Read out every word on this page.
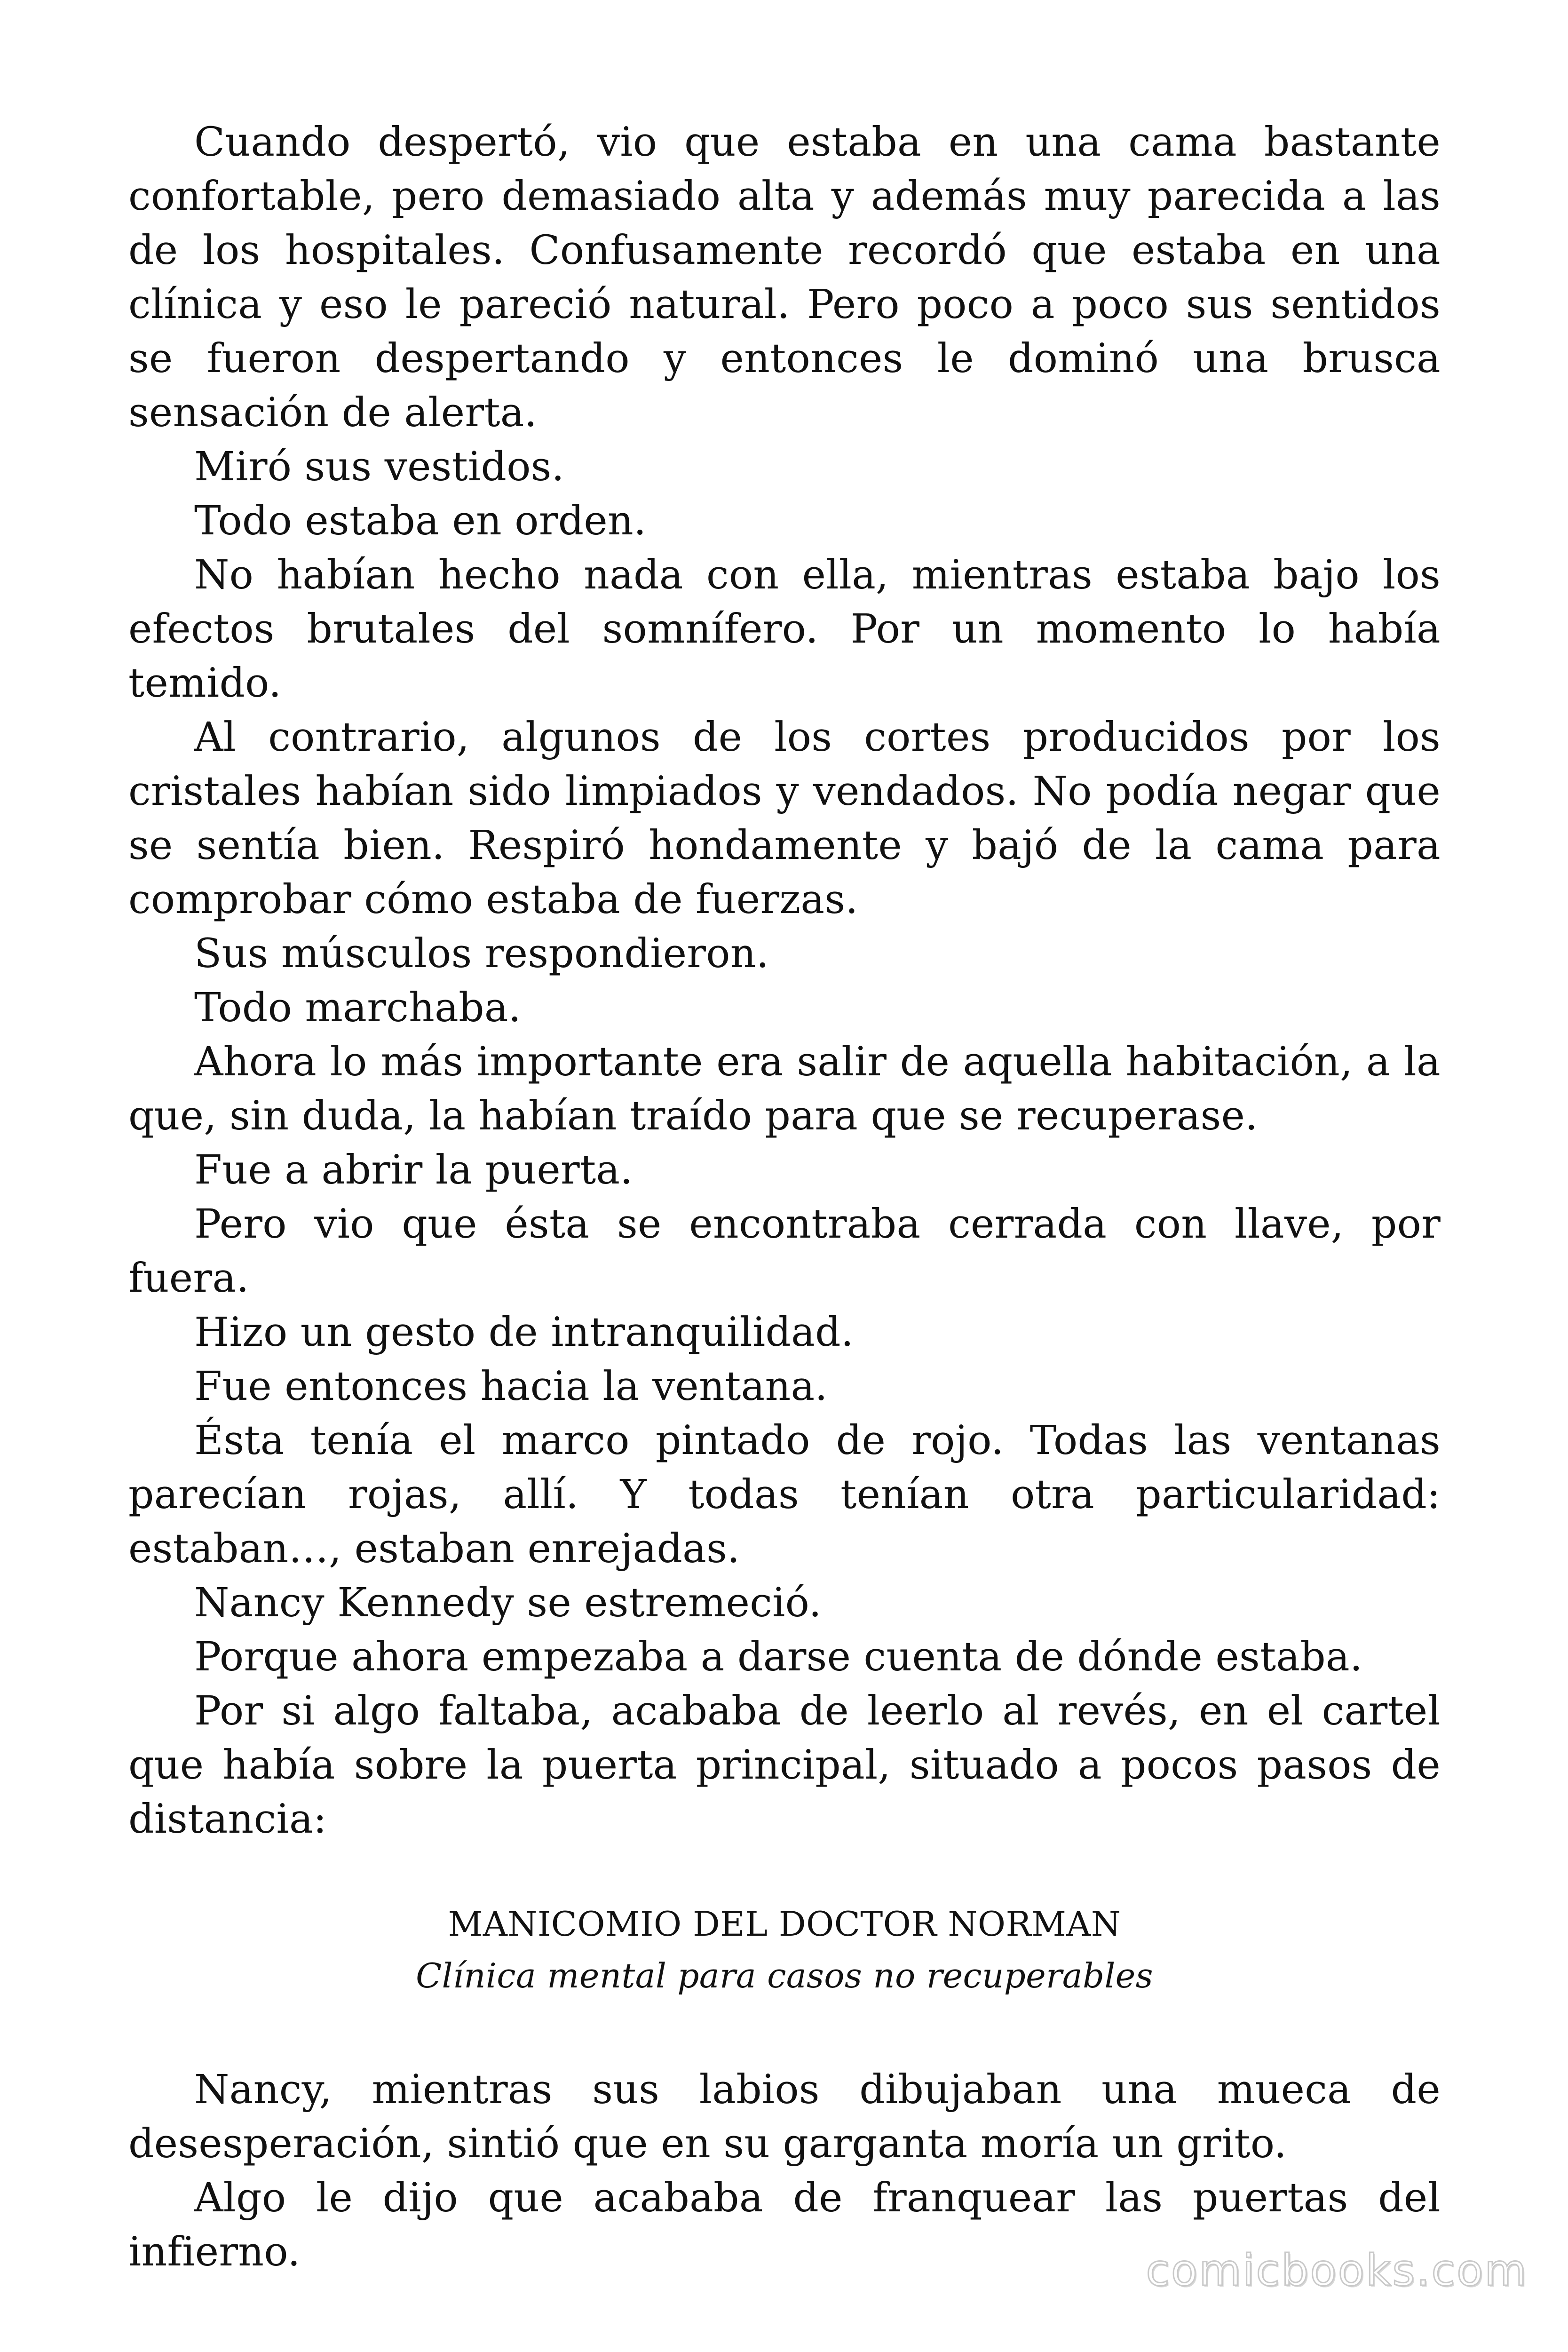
Cuando despertó, vio que estaba en una cama bastante confortable, pero demasiado alta y además muy parecida a las de los hospitales. Confusamente recordó que estaba en una clínica y eso le pareció natural. Pero poco a poco sus sentidos se fueron despertando y entonces le dominó una brusca sensación de alerta.

Miró sus vestidos.

Todo estaba en orden.

No habían hecho nada con ella, mientras estaba bajo los efectos brutales del somnífero. Por un momento lo había temido.

Al contrario, algunos de los cortes producidos por los cristales habían sido limpiados y vendados. No podía negar que se sentía bien. Respiró hondamente y bajó de la cama para comprobar cómo estaba de fuerzas.

Sus músculos respondieron.

Todo marchaba.

Ahora lo más importante era salir de aquella habitación, a la que, sin duda, la habían traído para que se recuperase.

Fue a abrir la puerta.

Pero vio que ésta se encontraba cerrada con llave, por fuera.

Hizo un gesto de intranquilidad.

Fue entonces hacia la ventana.

Ésta tenía el marco pintado de rojo. Todas las ventanas parecían rojas, allí. Y todas tenían otra particularidad: estaban…, estaban enrejadas.

Nancy Kennedy se estremeció.

Porque ahora empezaba a darse cuenta de dónde estaba.

Por si algo faltaba, acababa de leerlo al revés, en el cartel que había sobre la puerta principal, situado a pocos pasos de distancia:

MANICOMIO DEL DOCTOR NORMAN
Clínica mental para casos no recuperables

Nancy, mientras sus labios dibujaban una mueca de desesperación, sintió que en su garganta moría un grito.

Algo le dijo que acababa de franquear las puertas del infierno.	comicbooks.com
